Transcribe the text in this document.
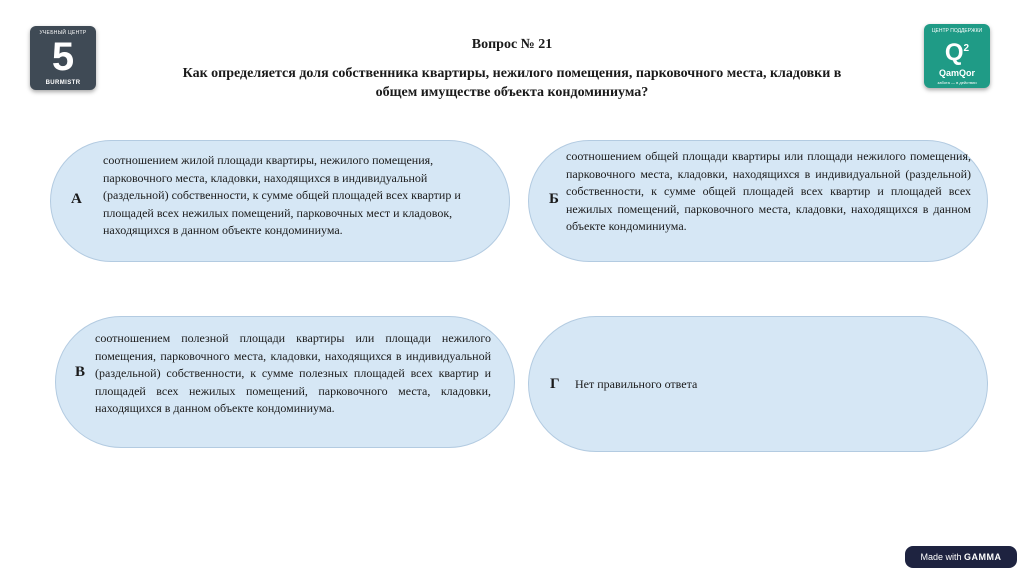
УЧЕБНЫЙ ЦЕНТР
5
BURMISTR
ЦЕНТР ПОДДЕРЖКИ
$Q^2$
QamQor
забота — в действии
Вопрос № 21
Как определяется доля собственника квартиры, нежилого помещения, парковочного места, кладовки в общем имуществе объекта кондоминиума?
А
соотношением жилой площади квартиры, нежилого помещения, парковочного места, кладовки, находящихся в индивидуальной (раздельной) собственности, к сумме общей площадей всех квартир и площадей всех нежилых помещений, парковочных мест и кладовок, находящихся в данном объекте кондоминиума.
Б
соотношением общей площади квартиры или площади нежилого помещения, парковочного места, кладовки, находящихся в индивидуальной (раздельной) собственности, к сумме общей площадей всех квартир и площадей всех нежилых помещений, парковочного места, кладовки, находящихся в данном объекте кондоминиума.
В
соотношением полезной площади квартиры или площади нежилого помещения, парковочного места, кладовки, находящихся в индивидуальной (раздельной) собственности, к сумме полезных площадей всех квартир и площадей всех нежилых помещений, парковочного места, кладовки, находящихся в данном объекте кондоминиума.
Г Нет правильного ответа
Made with GAMMA
